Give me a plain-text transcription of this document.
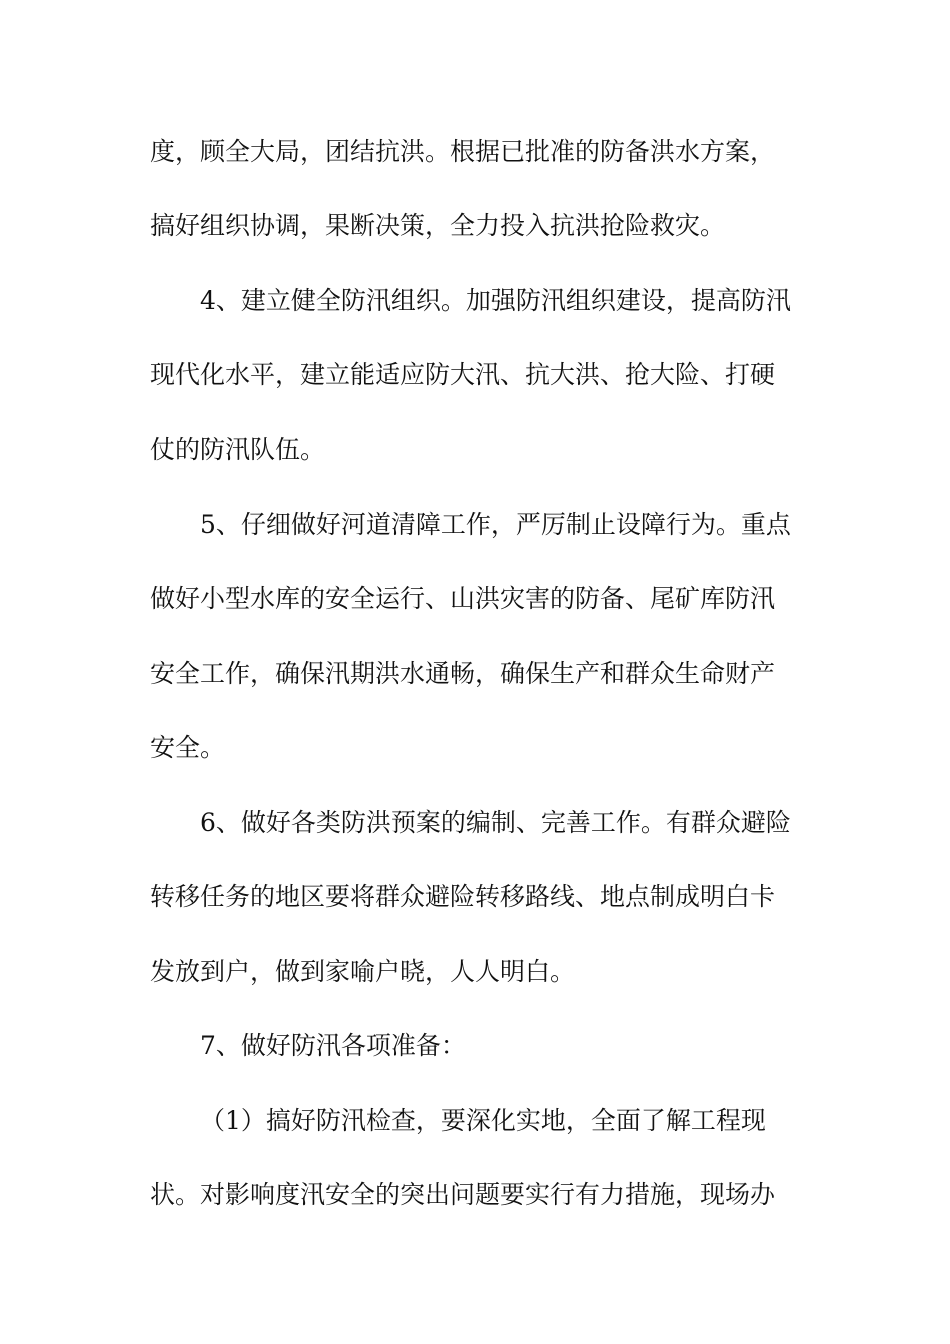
度，顾全大局，团结抗洪。根据已批准的防备洪水方案，
搞好组织协调，果断决策，全力投入抗洪抢险救灾。
4、建立健全防汛组织。加强防汛组织建设，提高防汛
现代化水平，建立能适应防大汛、抗大洪、抢大险、打硬
仗的防汛队伍。
5、仔细做好河道清障工作，严厉制止设障行为。重点
做好小型水库的安全运行、山洪灾害的防备、尾矿库防汛
安全工作，确保汛期洪水通畅，确保生产和群众生命财产
安全。
6、做好各类防洪预案的编制、完善工作。有群众避险
转移任务的地区要将群众避险转移路线、地点制成明白卡
发放到户，做到家喻户晓，人人明白。
7、做好防汛各项准备：
（1）搞好防汛检查，要深化实地，全面了解工程现
状。对影响度汛安全的突出问题要实行有力措施，现场办
